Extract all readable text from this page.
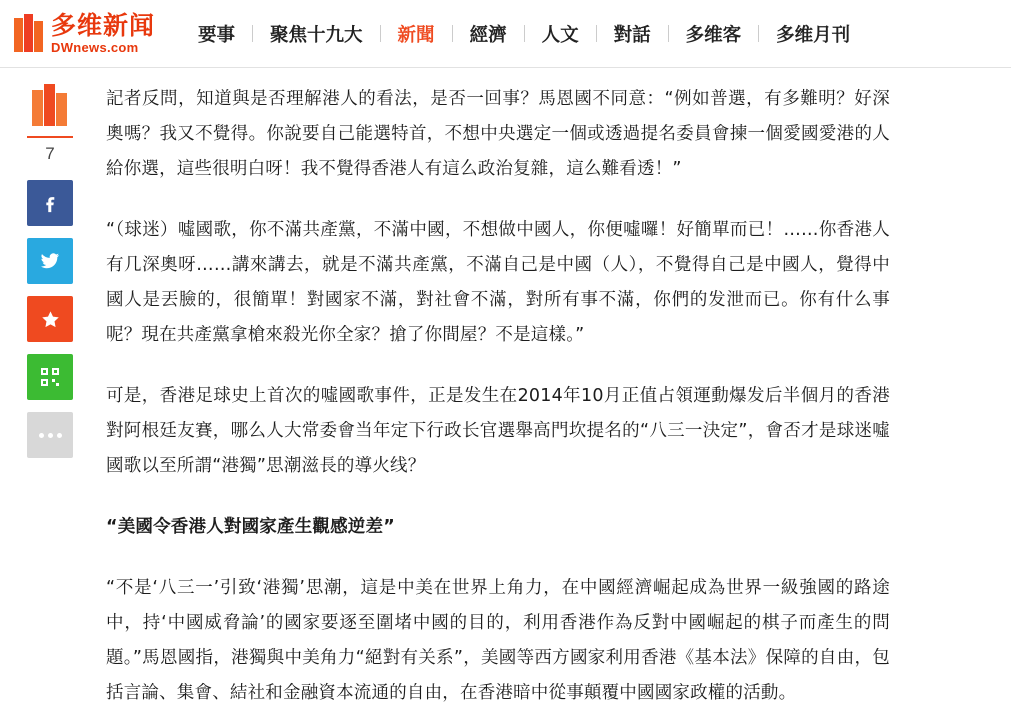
多维新闻
DWnews.com
要事	聚焦十九大	新聞	經濟	人文	對話	多维客	多维月刊
7

記者反問，知道與是否理解港人的看法，是否一回事？馬恩國不同意：“例如普選，有多難明？好深奧嗎？我又不覺得。你說要自己能選特首，不想中央選定一個或透過提名委員會揀一個愛國愛港的人給你選，這些很明白呀！我不覺得香港人有這么政治复雜，這么難看透！”

“（球迷）噓國歌，你不滿共產黨，不滿中國，不想做中國人，你便噓囉！好簡單而已！……你香港人有几深奧呀……講來講去，就是不滿共產黨，不滿自己是中國（人），不覺得自己是中國人，覺得中國人是丟臉的，很簡單！對國家不滿，對社會不滿，對所有事不滿，你們的发泄而已。你有什么事呢？現在共產黨拿槍來殺光你全家？搶了你間屋？不是這樣。”

可是，香港足球史上首次的噓國歌事件，正是发生在2014年10月正值占領運動爆发后半個月的香港對阿根廷友賽，哪么人大常委會当年定下行政长官選舉高門坎提名的“八三一決定”，會否才是球迷噓國歌以至所謂“港獨”思潮滋長的導火线？

“美國令香港人對國家產生觀感逆差”

“不是‘八三一’引致‘港獨’思潮，這是中美在世界上角力，在中國經濟崛起成為世界一級強國的路途中，持‘中國威脅論’的國家要逐至圍堵中國的目的，利用香港作為反對中國崛起的棋子而產生的問題。”馬恩國指，港獨與中美角力“絕對有关系”，美國等西方國家利用香港《基本法》保障的自由，包括言論、集會、結社和金融資本流通的自由，在香港暗中從事顛覆中國國家政權的活動。
